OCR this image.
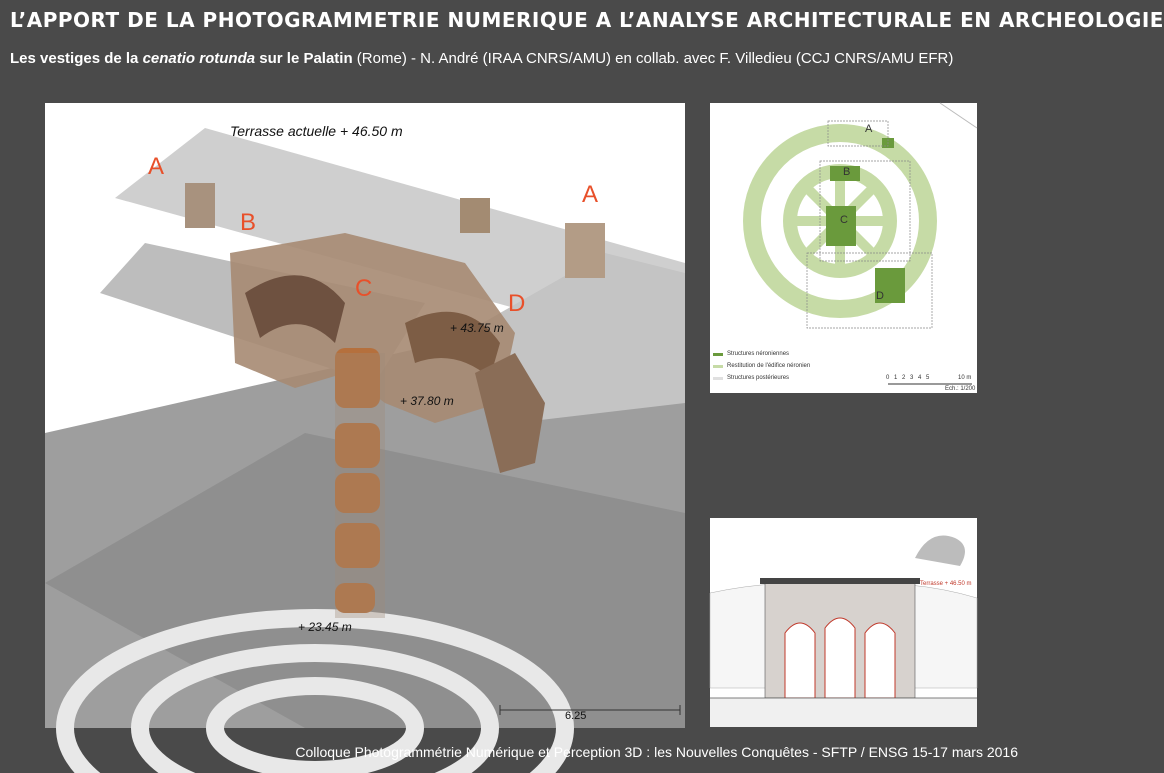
L’APPORT DE LA PHOTOGRAMMETRIE NUMERIQUE A L’ANALYSE ARCHITECTURALE EN ARCHEOLOGIE
Les vestiges de la cenatio rotunda sur le Palatin (Rome) - N. André (IRAA CNRS/AMU) en collab. avec F. Villedieu (CCJ CNRS/AMU EFR)
Terrasse actuelle + 46.50 m
+ 43.75 m
+ 37.80 m
+ 23.45 m
6.25
A
B
C
D
A
A
B
C
D
Structures néroniennes
Restitution de l'édifice néronien
Structures postérieures	0 1 2 3 4 5	10 m
Ech.: 1/200
Terrasse + 46.50 m
Colloque Photogrammétrie Numérique et Perception 3D : les Nouvelles Conquêtes - SFTP / ENSG 15-17 mars 2016
